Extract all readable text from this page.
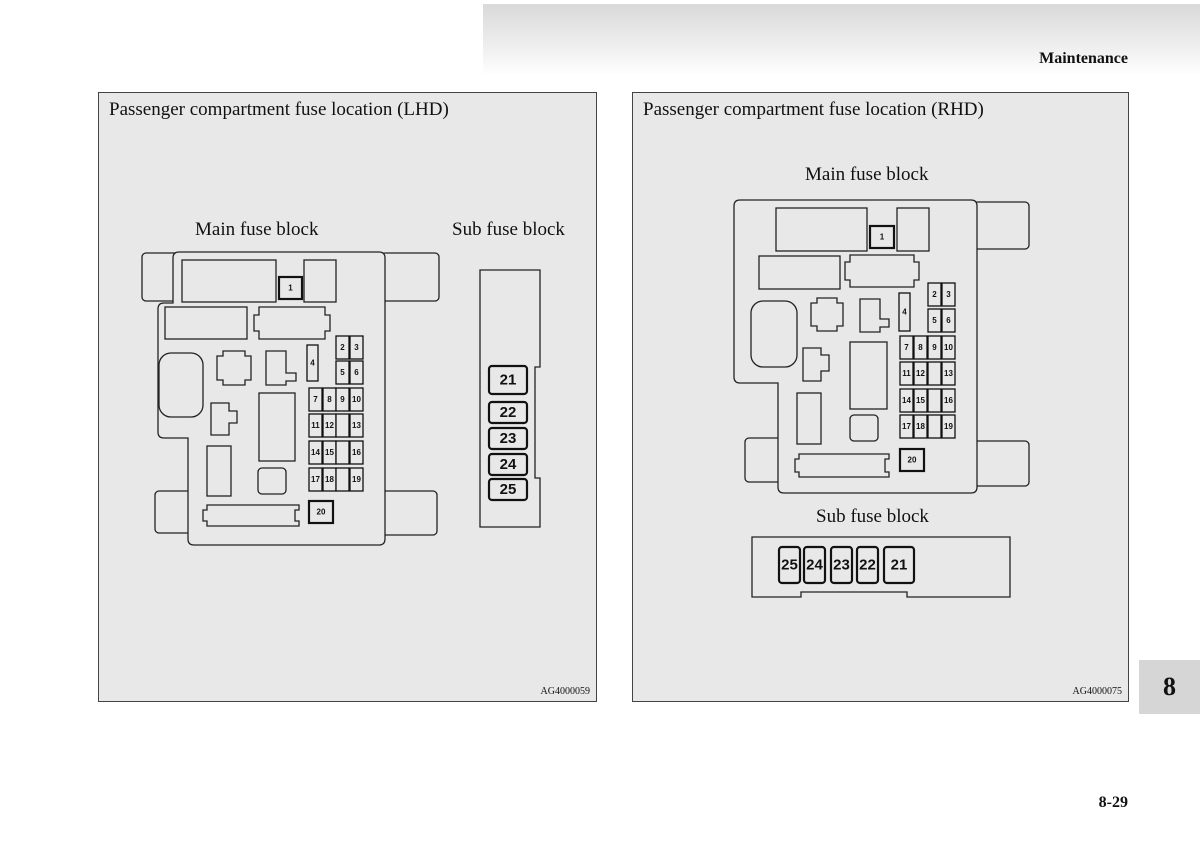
Maintenance
Passenger compartment fuse location (LHD)
Main fuse block	Sub fuse block
1
4
2 3
5 6
7 8 9 10
11 12 13
14 15 16
17 18 19
20
21
22
23
24
25
AG4000059
Passenger compartment fuse location (RHD)
Main fuse block
Sub fuse block
1
4
2 3
5 6
7 8 9 10
11 12 13
14 15 16
17 18 19
20
25 24 23 22 21
AG4000075	8
8-29
